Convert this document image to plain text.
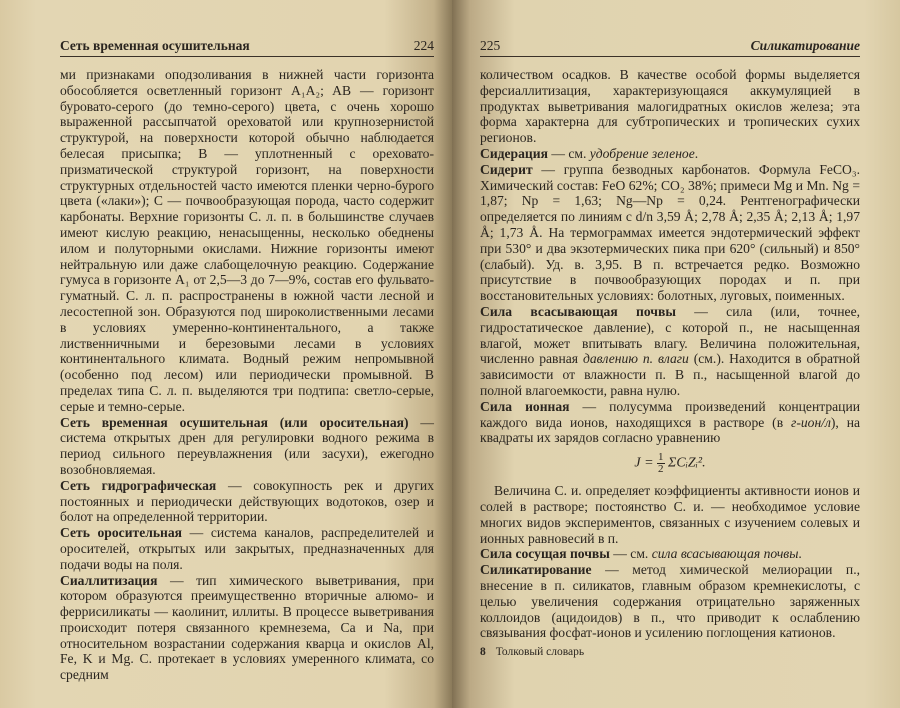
Сеть временная осушительная	224

ми признаками оподзоливания в нижней части горизонта обособляется осветленный горизонт A₁A₂; AB — горизонт буровато-серого (до темно-серого) цвета, с очень хорошо выраженной рассыпчатой ореховатой или крупнозернистой структурой, на поверхности которой обычно наблюдается белесая присыпка; B — уплотненный с ореховато-призматической структурой горизонт, на поверхности структурных отдельностей часто имеются пленки черно-бурого цвета («лаки»); C — почвообразующая порода, часто содержит карбонаты. Верхние горизонты С. л. п. в большинстве случаев имеют кислую реакцию, ненасыщенны, несколько обеднены илом и полуторными окислами. Нижние горизонты имеют нейтральную или даже слабощелочную реакцию. Содержание гумуса в горизонте A₁ от 2,5—3 до 7—9%, состав его фульвато-гуматный. С. л. п. распространены в южной части лесной и лесостепной зон. Образуются под широколиственными лесами в условиях умеренно-континентального, а также лиственничными и березовыми лесами в условиях континентального климата. Водный режим непромывной (особенно под лесом) или периодически промывной. В пределах типа С. л. п. выделяются три подтипа: светло-серые, серые и темно-серые.

Сеть временная осушительная (или оросительная) — система открытых дрен для регулировки водного режима в период сильного переувлажнения (или засухи), ежегодно возобновляемая.

Сеть гидрографическая — совокупность рек и других постоянных и периодически действующих водотоков, озер и болот на определенной территории.

Сеть оросительная — система каналов, распределителей и оросителей, открытых или закрытых, предназначенных для подачи воды на поля.

Сиаллитизация — тип химического выветривания, при котором образуются преимущественно вторичные алюмо- и феррисиликаты — каолинит, иллиты. В процессе выветривания происходит потеря связанного кремнезема, Ca и Na, при относительном возрастании содержания кварца и окислов Al, Fe, K и Mg. С. протекает в условиях умеренного климата, со средним

225	Силикатирование

количеством осадков. В качестве особой формы выделяется ферсиаллитизация, характеризующаяся аккумуляцией в продуктах выветривания малогидратных окислов железа; эта форма характерна для субтропических и тропических сухих регионов.

Сидерация — см. удобрение зеленое.

Сидерит — группа безводных карбонатов. Формула FeCO₃. Химический состав: FeO 62%; CO₂ 38%; примеси Mg и Mn. Ng = 1,87; Np = 1,63; Ng—Np = 0,24. Рентгенографически определяется по линиям с d/n 3,59 Å; 2,78 Å; 2,35 Å; 2,13 Å; 1,97 Å; 1,73 Å. На термограммах имеется эндотермический эффект при 530° и два экзотермических пика при 620° (сильный) и 850° (слабый). Уд. в. 3,95. В п. встречается редко. Возможно присутствие в почвообразующих породах и п. при восстановительных условиях: болотных, луговых, поименных.

Сила всасывающая почвы — сила (или, точнее, гидростатическое давление), с которой п., не насыщенная влагой, может впитывать влагу. Величина положительная, численно равная давлению п. влаги (см.). Находится в обратной зависимости от влажности п. В п., насыщенной влагой до полной влагоемкости, равна нулю.

Сила ионная — полусумма произведений концентрации каждого вида ионов, находящихся в растворе (в г-ион/л), на квадраты их зарядов согласно уравнению

$J = \frac{1}{2}$ ΣCᵢZᵢ².

Величина С. и. определяет коэффициенты активности ионов и солей в растворе; постоянство С. и. — необходимое условие многих видов экспериментов, связанных с изучением солевых и ионных равновесий в п.

Сила сосущая почвы — см. сила всасывающая почвы.

Силикатирование — метод химической мелиорации п., внесение в п. силикатов, главным образом кремнекислоты, с целью увеличения содержания отрицательно заряженных коллоидов (ацидоидов) в п., что приводит к ослаблению связывания фосфат-ионов и усилению поглощения катионов.

8 Толковый словарь
